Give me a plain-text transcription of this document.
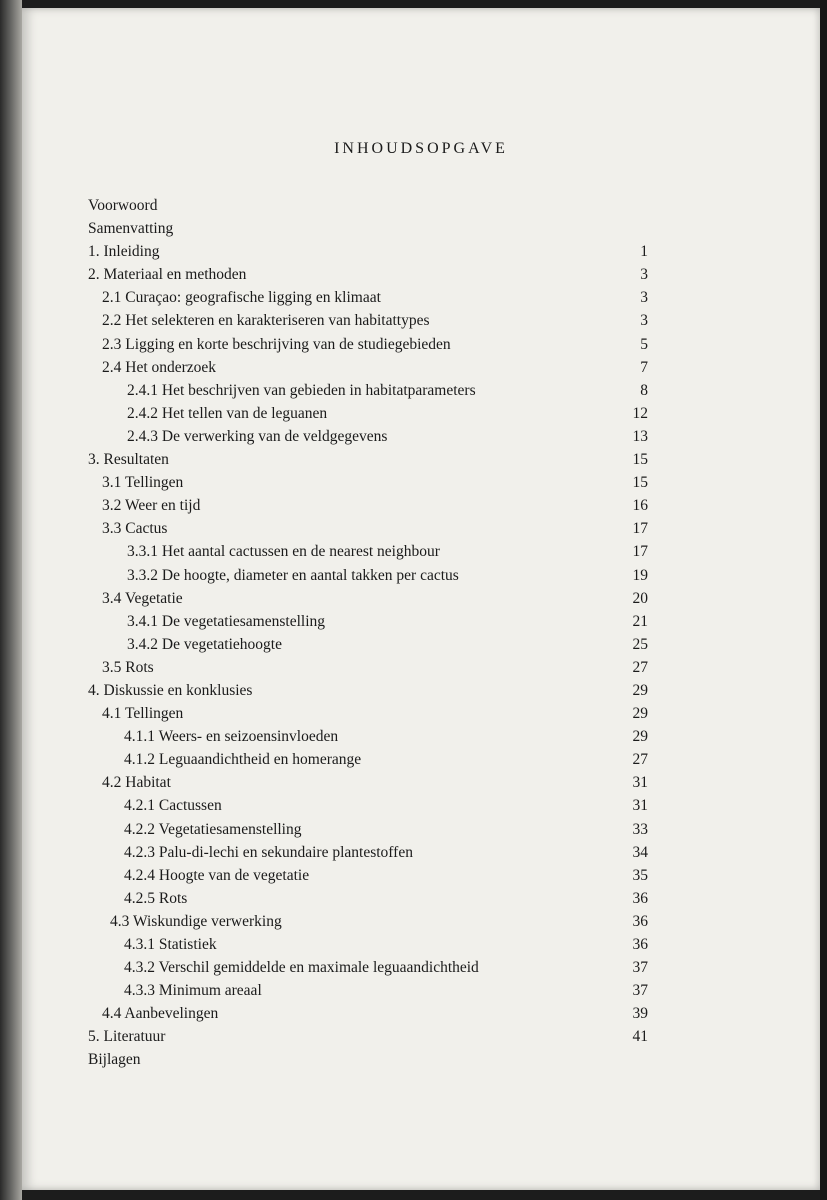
INHOUDSOPGAVE
Voorwoord
Samenvatting
1. Inleiding	1
2. Materiaal en methoden	3
2.1 Curaçao: geografische ligging en klimaat	3
2.2 Het selekteren en karakteriseren van habitattypes	3
2.3 Ligging en korte beschrijving van de studiegebieden	5
2.4 Het onderzoek	7
2.4.1 Het beschrijven van gebieden in habitatparameters	8
2.4.2 Het tellen van de leguanen	12
2.4.3 De verwerking van de veldgegevens	13
3. Resultaten	15
3.1 Tellingen	15
3.2 Weer en tijd	16
3.3 Cactus	17
3.3.1 Het aantal cactussen en de nearest neighbour	17
3.3.2 De hoogte, diameter en aantal takken per cactus	19
3.4 Vegetatie	20
3.4.1 De vegetatiesamenstelling	21
3.4.2 De vegetatiehoogte	25
3.5 Rots	27
4. Diskussie en konklusies	29
4.1 Tellingen	29
4.1.1 Weers- en seizoensinvloeden	29
4.1.2 Leguaandichtheid en homerange	27
4.2 Habitat	31
4.2.1 Cactussen	31
4.2.2 Vegetatiesamenstelling	33
4.2.3 Palu-di-lechi en sekundaire plantestoffen	34
4.2.4 Hoogte van de vegetatie	35
4.2.5 Rots	36
4.3 Wiskundige verwerking	36
4.3.1 Statistiek	36
4.3.2 Verschil gemiddelde en maximale leguaandichtheid	37
4.3.3 Minimum areaal	37
4.4 Aanbevelingen	39
5. Literatuur	41
Bijlagen
